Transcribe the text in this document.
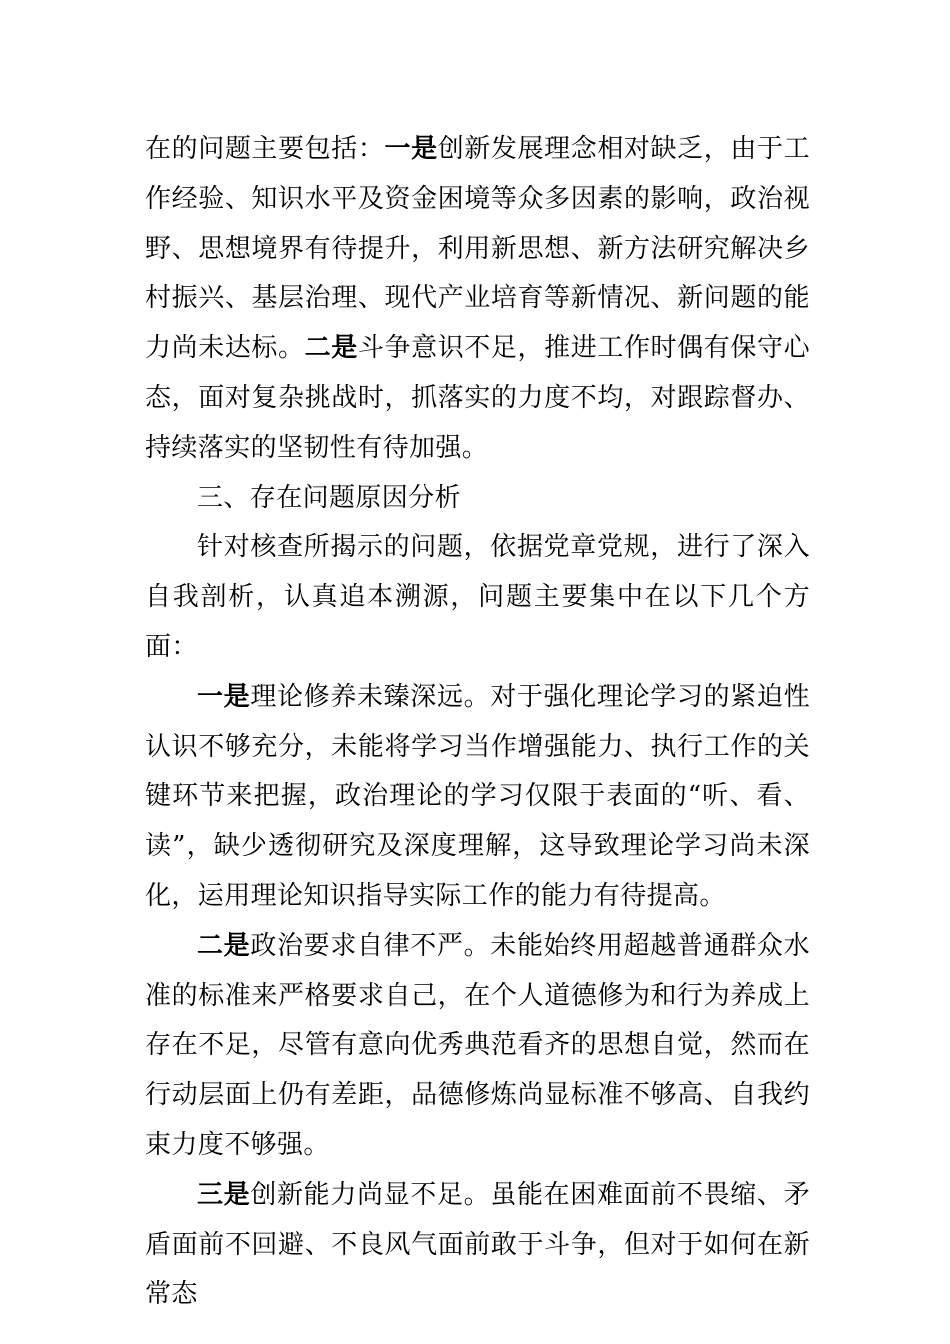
在的问题主要包括：一是创新发展理念相对缺乏，由于工作经验、知识水平及资金困境等众多因素的影响，政治视野、思想境界有待提升，利用新思想、新方法研究解决乡村振兴、基层治理、现代产业培育等新情况、新问题的能力尚未达标。二是斗争意识不足，推进工作时偶有保守心态，面对复杂挑战时，抓落实的力度不均，对跟踪督办、持续落实的坚韧性有待加强。

三、存在问题原因分析

针对核查所揭示的问题，依据党章党规，进行了深入自我剖析，认真追本溯源，问题主要集中在以下几个方面：

一是理论修养未臻深远。对于强化理论学习的紧迫性认识不够充分，未能将学习当作增强能力、执行工作的关键环节来把握，政治理论的学习仅限于表面的“听、看、读”，缺少透彻研究及深度理解，这导致理论学习尚未深化，运用理论知识指导实际工作的能力有待提高。

二是政治要求自律不严。未能始终用超越普通群众水准的标准来严格要求自己，在个人道德修为和行为养成上存在不足，尽管有意向优秀典范看齐的思想自觉，然而在行动层面上仍有差距，品德修炼尚显标准不够高、自我约束力度不够强。

三是创新能力尚显不足。虽能在困难面前不畏缩、矛盾面前不回避、不良风气面前敢于斗争，但对于如何在新常态
